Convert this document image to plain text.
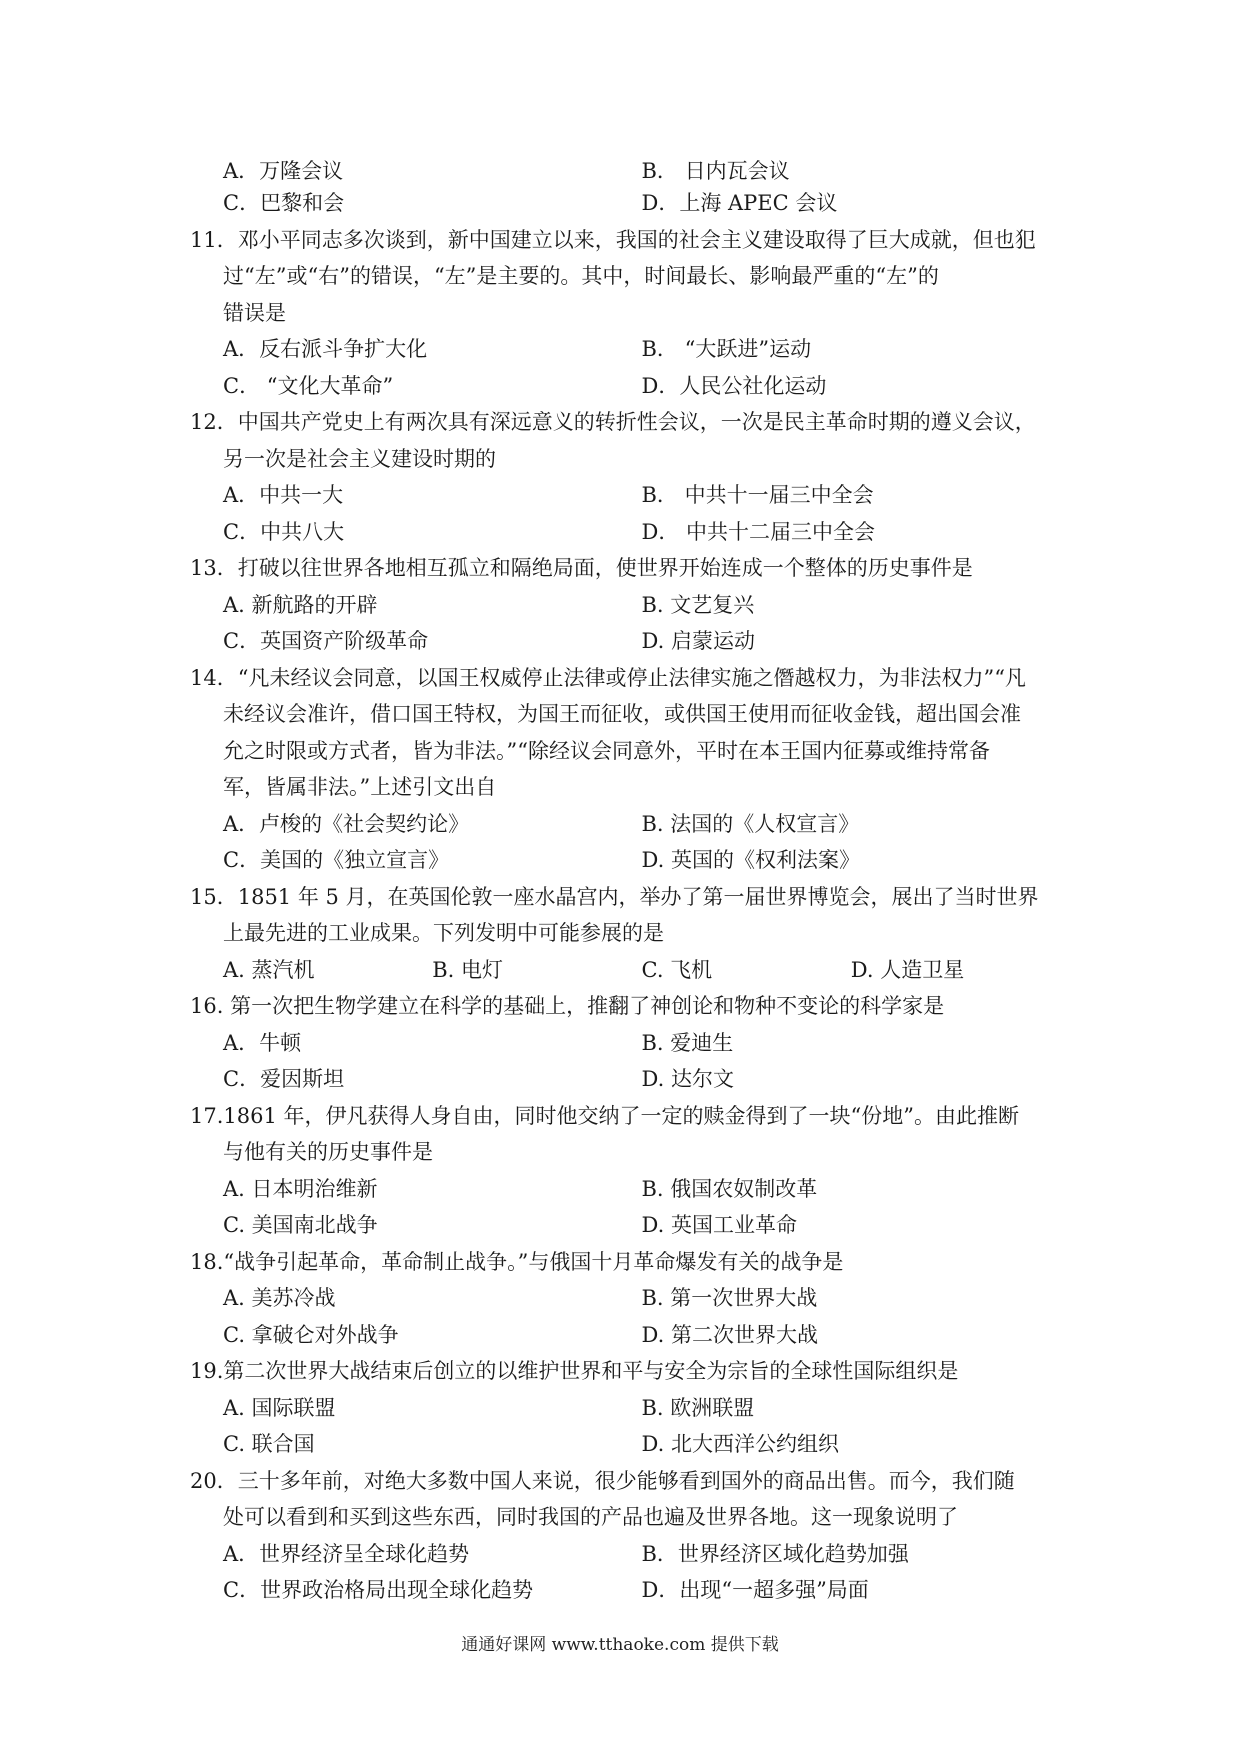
A．万隆会议	B． 日内瓦会议
C．巴黎和会	D．上海 APEC 会议
11．邓小平同志多次谈到，新中国建立以来，我国的社会主义建设取得了巨大成就，但也犯
过“左”或“右”的错误，“左”是主要的。其中，时间最长、影响最严重的“左”的
错误是
A．反右派斗争扩大化	B． “大跃进”运动
C． “文化大革命”	D．人民公社化运动
12．中国共产党史上有两次具有深远意义的转折性会议，一次是民主革命时期的遵义会议，
另一次是社会主义建设时期的
A．中共一大	B． 中共十一届三中全会
C．中共八大	D． 中共十二届三中全会
13．打破以往世界各地相互孤立和隔绝局面，使世界开始连成一个整体的历史事件是
A. 新航路的开辟	B. 文艺复兴
C．英国资产阶级革命	D. 启蒙运动
14．“凡未经议会同意，以国王权威停止法律或停止法律实施之僭越权力，为非法权力”“凡
未经议会准许，借口国王特权，为国王而征收，或供国王使用而征收金钱，超出国会准
允之时限或方式者，皆为非法。”“除经议会同意外，平时在本王国内征募或维持常备
军，皆属非法。”上述引文出自
A．卢梭的《社会契约论》	B. 法国的《人权宣言》
C．美国的《独立宣言》	D. 英国的《权利法案》
15．1851 年 5 月，在英国伦敦一座水晶宫内，举办了第一届世界博览会，展出了当时世界
上最先进的工业成果。下列发明中可能参展的是
A. 蒸汽机	B. 电灯	C. 飞机	D. 人造卫星
16. 第一次把生物学建立在科学的基础上，推翻了神创论和物种不变论的科学家是
A．牛顿	B. 爱迪生
C．爱因斯坦	D. 达尔文
17.1861 年，伊凡获得人身自由，同时他交纳了一定的赎金得到了一块“份地”。由此推断
与他有关的历史事件是
A. 日本明治维新	B. 俄国农奴制改革
C. 美国南北战争	D. 英国工业革命
18.“战争引起革命，革命制止战争。”与俄国十月革命爆发有关的战争是
A. 美苏冷战	B. 第一次世界大战
C. 拿破仑对外战争	D. 第二次世界大战
19.第二次世界大战结束后创立的以维护世界和平与安全为宗旨的全球性国际组织是
A. 国际联盟	B. 欧洲联盟
C. 联合国	D. 北大西洋公约组织
20．三十多年前，对绝大多数中国人来说，很少能够看到国外的商品出售。而今，我们随
处可以看到和买到这些东西，同时我国的产品也遍及世界各地。这一现象说明了
A．世界经济呈全球化趋势	B．世界经济区域化趋势加强
C．世界政治格局出现全球化趋势	D．出现“一超多强”局面
通通好课网 www.tthaoke.com 提供下载
